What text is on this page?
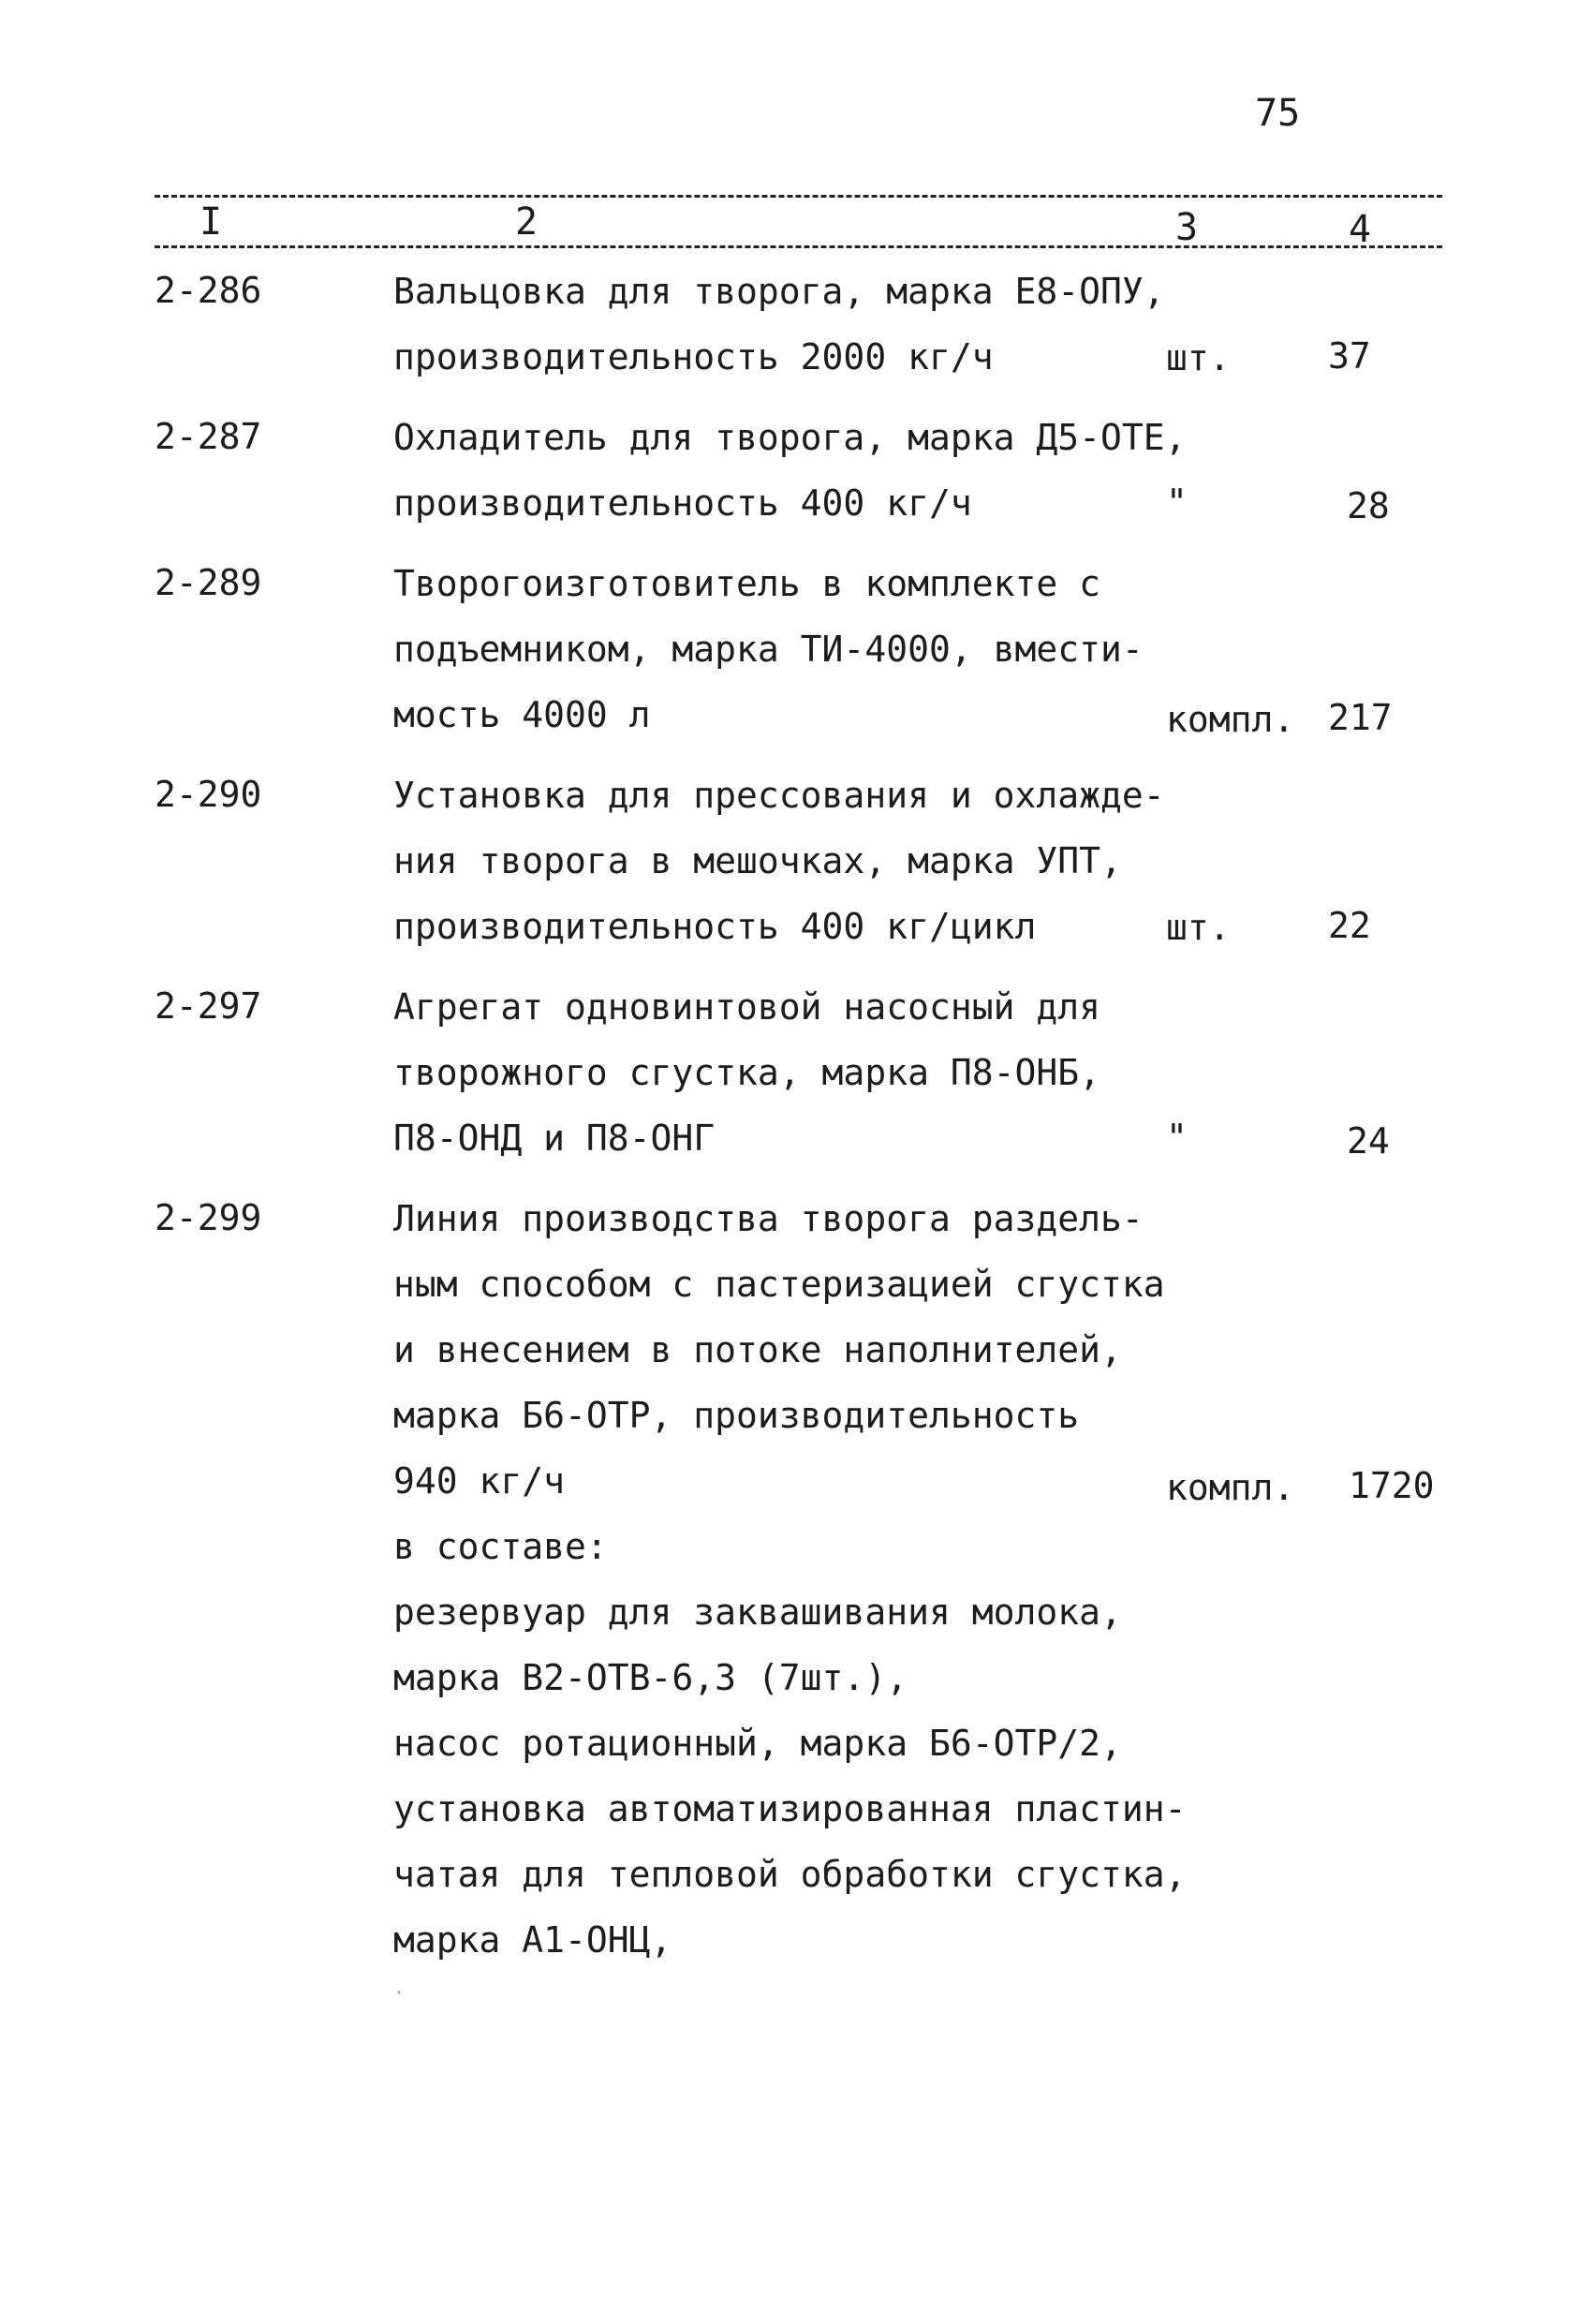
75
I	2	3	4
2-286	Вальцовка для творога, марка Е8-ОПУ,
производительность 2000 кг/ч	шт.	37
2-287	Охладитель для творога, марка Д5-ОТЕ,
производительность 400 кг/ч	"	28
2-289	Творогоизготовитель в комплекте с
подъемником, марка ТИ-4000, вмести-
мость 4000 л	компл. 217
2-290	Установка для прессования и охлажде-
ния творога в мешочках, марка УПТ,
производительность 400 кг/цикл	шт.	22
2-297	Агрегат одновинтовой насосный для
творожного сгустка, марка П8-ОНБ,
П8-ОНД и П8-ОНГ	"	24
2-299	Линия производства творога раздель-
ным способом с пастеризацией сгустка
и внесением в потоке наполнителей,
марка Б6-ОТР, производительность
940 кг/ч
в составе:
резервуар для заквашивания молока,
марка В2-ОТВ-6,3 (7шт.),
насос ротационный, марка Б6-ОТР/2,
установка автоматизированная пластин-
чатая для тепловой обработки сгустка,
марка А1-ОНЦ,
компл. 1720
·
